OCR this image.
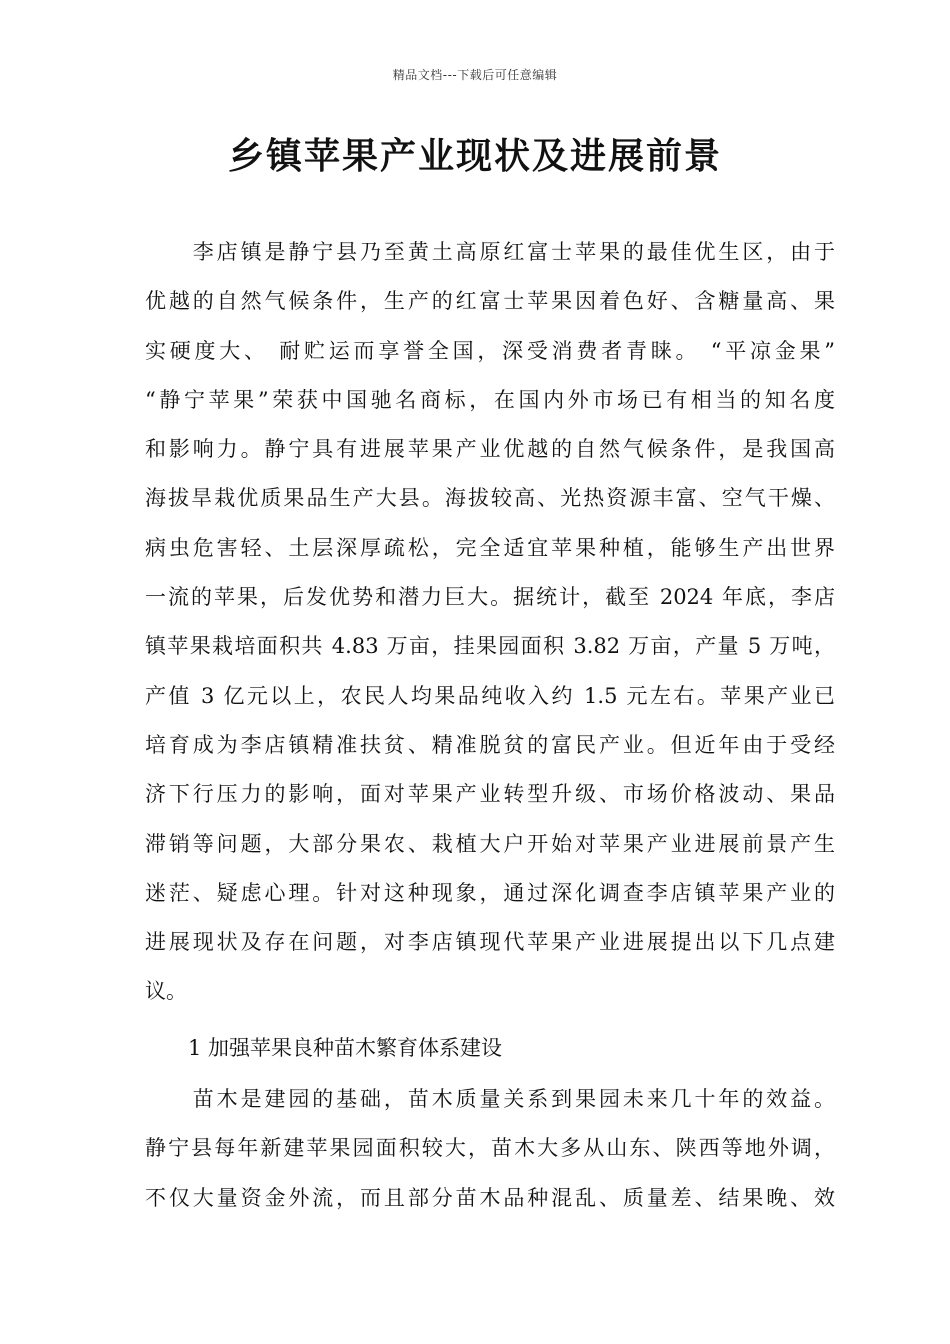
精品文档---下载后可任意编辑
乡镇苹果产业现状及进展前景
　　李店镇是静宁县乃至黄土高原红富士苹果的最佳优生区，由于
优越的自然气候条件，生产的红富士苹果因着色好、含糖量高、果
实硬度大、 耐贮运而享誉全国，深受消费者青睐。 “平凉金果”
“静宁苹果”荣获中国驰名商标，在国内外市场已有相当的知名度
和影响力。静宁具有进展苹果产业优越的自然气候条件，是我国高
海拔旱栽优质果品生产大县。海拔较高、光热资源丰富、空气干燥、
病虫危害轻、土层深厚疏松，完全适宜苹果种植，能够生产出世界
一流的苹果，后发优势和潜力巨大。据统计，截至 2024 年底，李店
镇苹果栽培面积共 4.83 万亩，挂果园面积 3.82 万亩，产量 5 万吨，
产值 3 亿元以上，农民人均果品纯收入约 1.5 元左右。苹果产业已
培育成为李店镇精准扶贫、精准脱贫的富民产业。但近年由于受经
济下行压力的影响，面对苹果产业转型升级、市场价格波动、果品
滞销等问题，大部分果农、栽植大户开始对苹果产业进展前景产生
迷茫、疑虑心理。针对这种现象，通过深化调查李店镇苹果产业的
进展现状及存在问题，对李店镇现代苹果产业进展提出以下几点建
议。
1 加强苹果良种苗木繁育体系建设
　　苗木是建园的基础，苗木质量关系到果园未来几十年的效益。
静宁县每年新建苹果园面积较大，苗木大多从山东、陕西等地外调，
不仅大量资金外流，而且部分苗木品种混乱、质量差、结果晚、效
